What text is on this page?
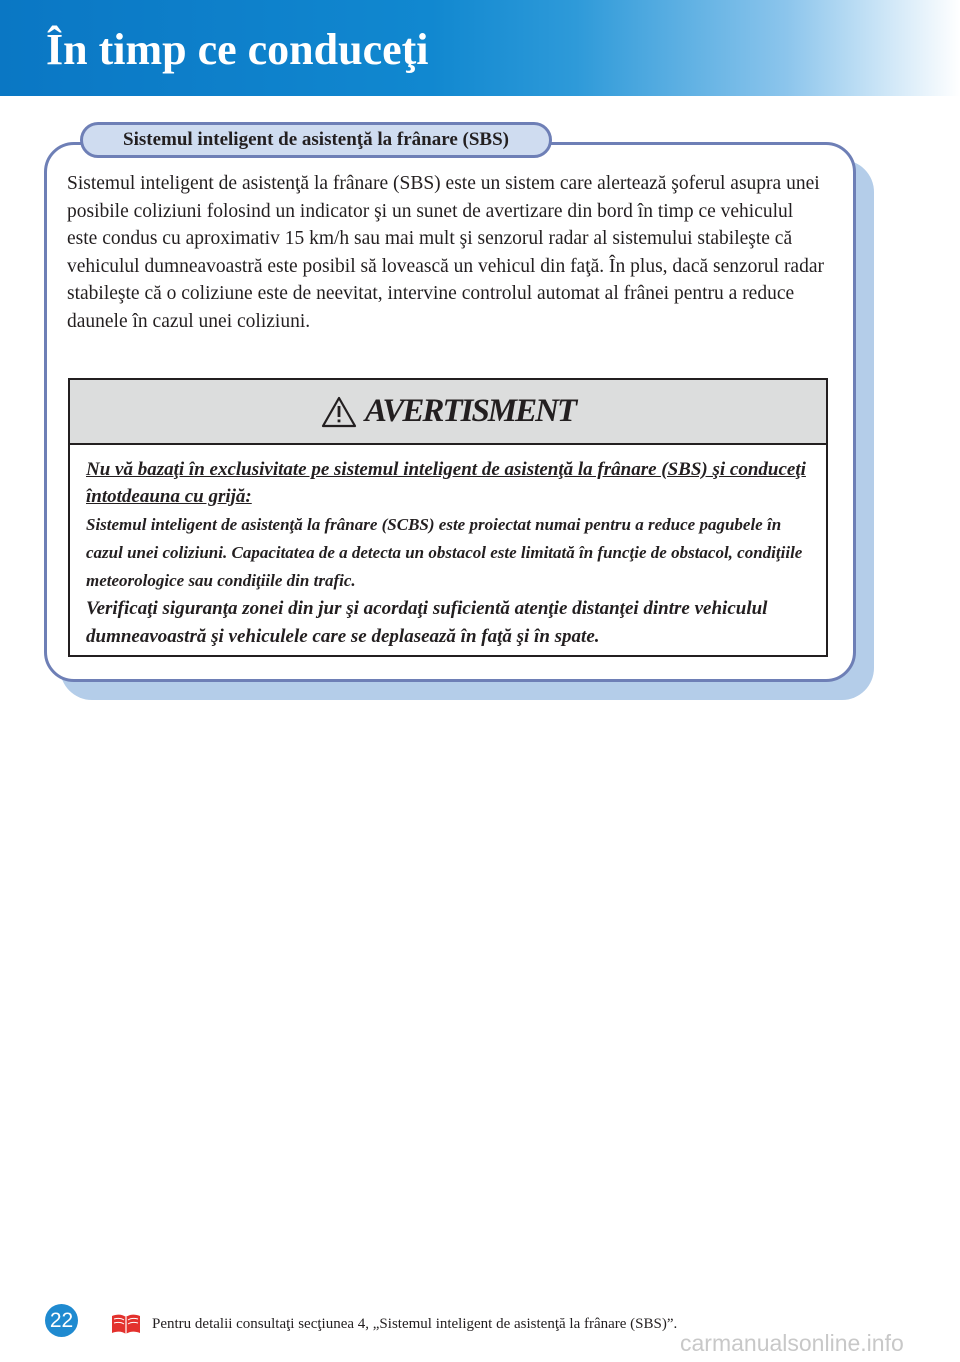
În timp ce conduceţi
Sistemul inteligent de asistenţă la frânare (SBS)
Sistemul inteligent de asistenţă la frânare (SBS) este un sistem care alertează şoferul asupra unei posibile coliziuni folosind un indicator şi un sunet de avertizare din bord în timp ce vehiculul este condus cu aproximativ 15 km/h sau mai mult şi senzorul radar al sistemului stabileşte că vehiculul dumneavoastră este posibil să lovească un vehicul din faţă. În plus, dacă senzorul radar stabileşte că o coliziune este de neevitat, intervine controlul automat al frânei pentru a reduce daunele în cazul unei coliziuni.
AVERTISMENT
Nu vă bazaţi în exclusivitate pe sistemul inteligent de asistenţă la frânare (SBS) şi conduceţi întotdeauna cu grijă:
Sistemul inteligent de asistenţă la frânare (SCBS) este proiectat numai pentru a reduce pagubele în cazul unei coliziuni. Capacitatea de a detecta un obstacol este limitată în funcţie de obstacol, condiţiile meteorologice sau condiţiile din trafic.
Verificaţi siguranţa zonei din jur şi acordaţi suficientă atenţie distanţei dintre vehiculul dumneavoastră şi vehiculele care se deplasează în faţă şi în spate.
22	Pentru detalii consultaţi secţiunea 4, „Sistemul inteligent de asistenţă la frânare (SBS)”.
carmanualsonline.info
